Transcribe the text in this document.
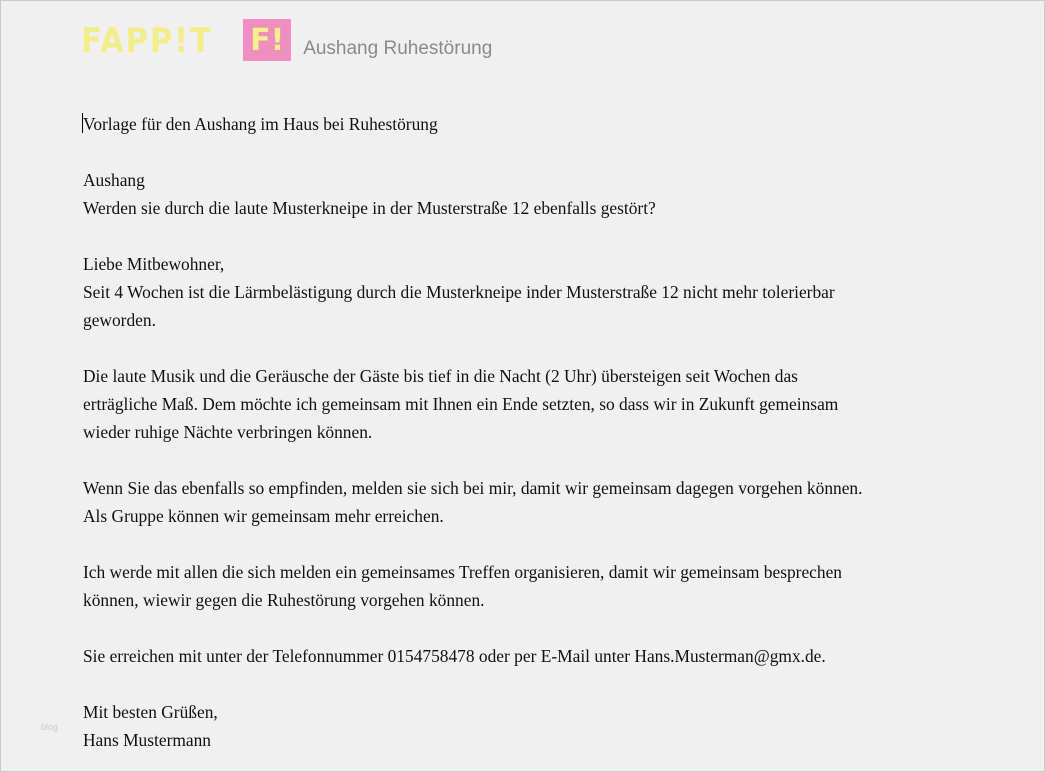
FAPP!T F! Aushang Ruhestörung

Vorlage für den Aushang im Haus bei Ruhestörung

Aushang

Werden sie durch die laute Musterkneipe in der Musterstraße 12 ebenfalls gestört?

Liebe Mitbewohner,

Seit 4 Wochen ist die Lärmbelästigung durch die Musterkneipe inder Musterstraße 12 nicht mehr tolerierbar

geworden.

Die laute Musik und die Geräusche der Gäste bis tief in die Nacht (2 Uhr) übersteigen seit Wochen das

erträgliche Maß. Dem möchte ich gemeinsam mit Ihnen ein Ende setzten, so dass wir in Zukunft gemeinsam

wieder ruhige Nächte verbringen können.

Wenn Sie das ebenfalls so empfinden, melden sie sich bei mir, damit wir gemeinsam dagegen vorgehen können.

Als Gruppe können wir gemeinsam mehr erreichen.

Ich werde mit allen die sich melden ein gemeinsames Treffen organisieren, damit wir gemeinsam besprechen

können, wiewir gegen die Ruhestörung vorgehen können.

Sie erreichen mit unter der Telefonnummer 0154758478 oder per E-Mail unter Hans.Musterman@gmx.de.

Mit besten Grüßen,

Hans Mustermann

blog
